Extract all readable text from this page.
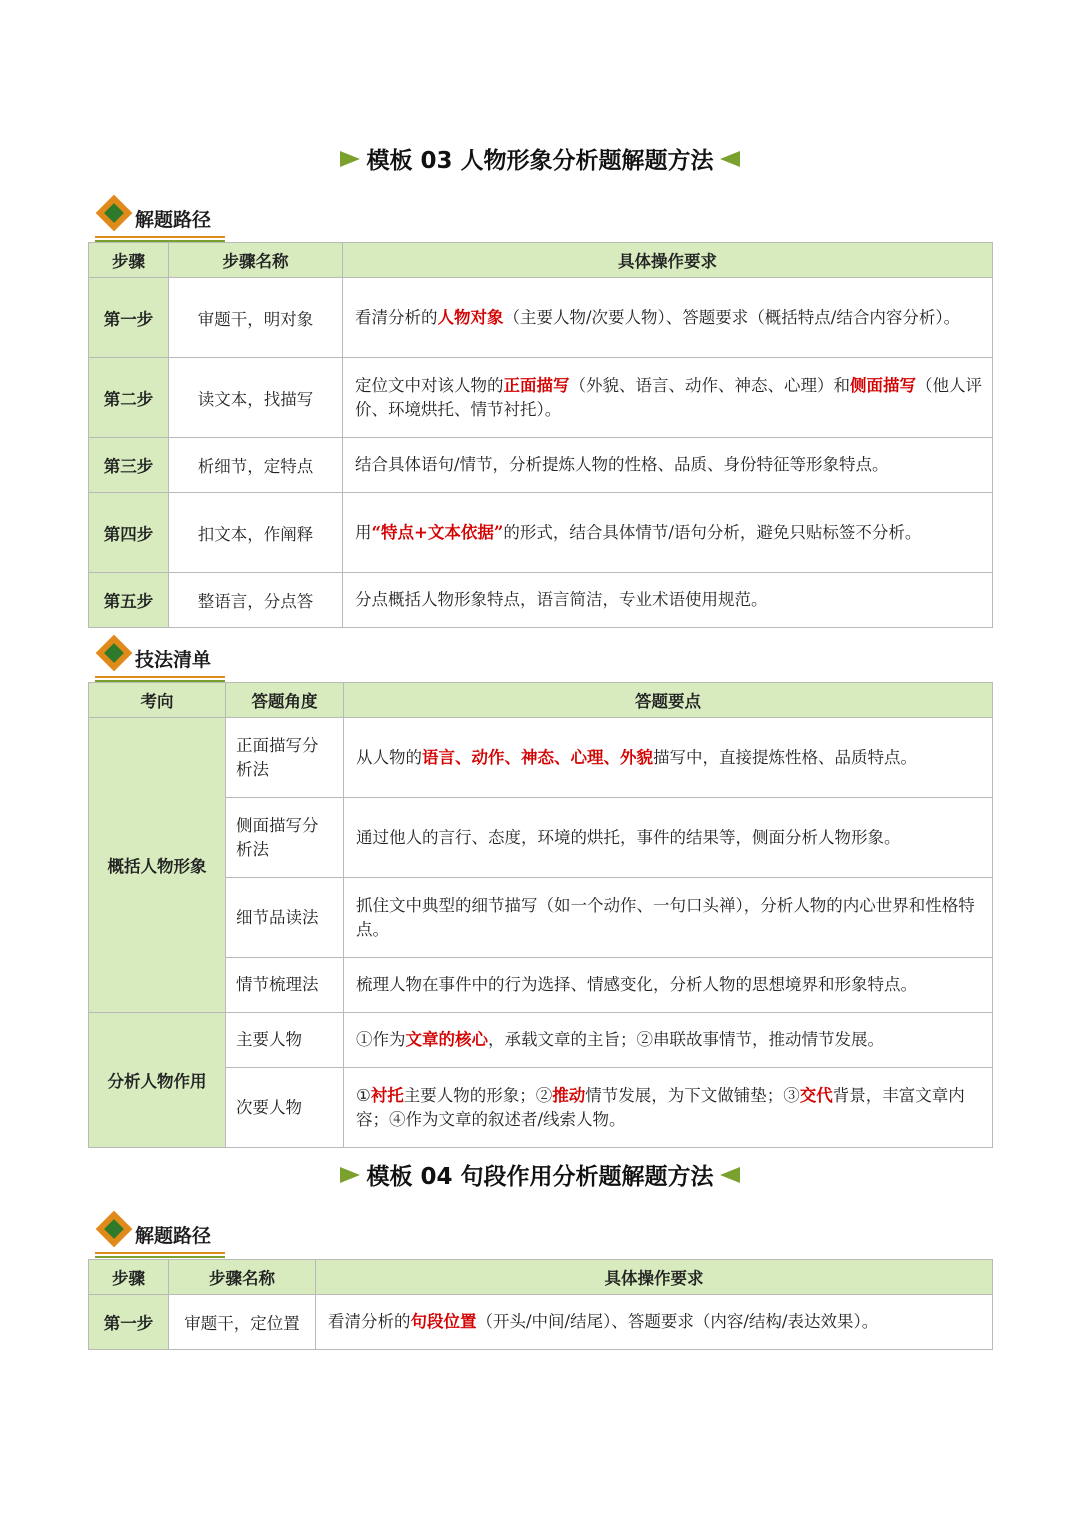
模板 03 人物形象分析题解题方法
解题路径
步骤	步骤名称	具体操作要求
第一步	审题干，明对象	看清分析的人物对象（主要人物/次要人物）、答题要求（概括特点/结合内容分析）。
第二步	读文本，找描写	定位文中对该人物的正面描写（外貌、语言、动作、神态、心理）和侧面描写（他人评价、环境烘托、情节衬托）。
第三步	析细节，定特点	结合具体语句/情节，分析提炼人物的性格、品质、身份特征等形象特点。
第四步	扣文本，作阐释	用“特点+文本依据”的形式，结合具体情节/语句分析，避免只贴标签不分析。
第五步	整语言，分点答	分点概括人物形象特点，语言简洁，专业术语使用规范。
技法清单
考向	答题角度	答题要点
概括人物形象	正面描写分析法	从人物的语言、动作、神态、心理、外貌描写中，直接提炼性格、品质特点。
	侧面描写分析法	通过他人的言行、态度，环境的烘托，事件的结果等，侧面分析人物形象。
	细节品读法	抓住文中典型的细节描写（如一个动作、一句口头禅），分析人物的内心世界和性格特点。
	情节梳理法	梳理人物在事件中的行为选择、情感变化，分析人物的思想境界和形象特点。
分析人物作用	主要人物	①作为文章的核心，承载文章的主旨；②串联故事情节，推动情节发展。
	次要人物	①衬托主要人物的形象；②推动情节发展，为下文做铺垫；③交代背景，丰富文章内容；④作为文章的叙述者/线索人物。
模板 04 句段作用分析题解题方法
解题路径
步骤	步骤名称	具体操作要求
第一步	审题干，定位置	看清分析的句段位置（开头/中间/结尾）、答题要求（内容/结构/表达效果）。
